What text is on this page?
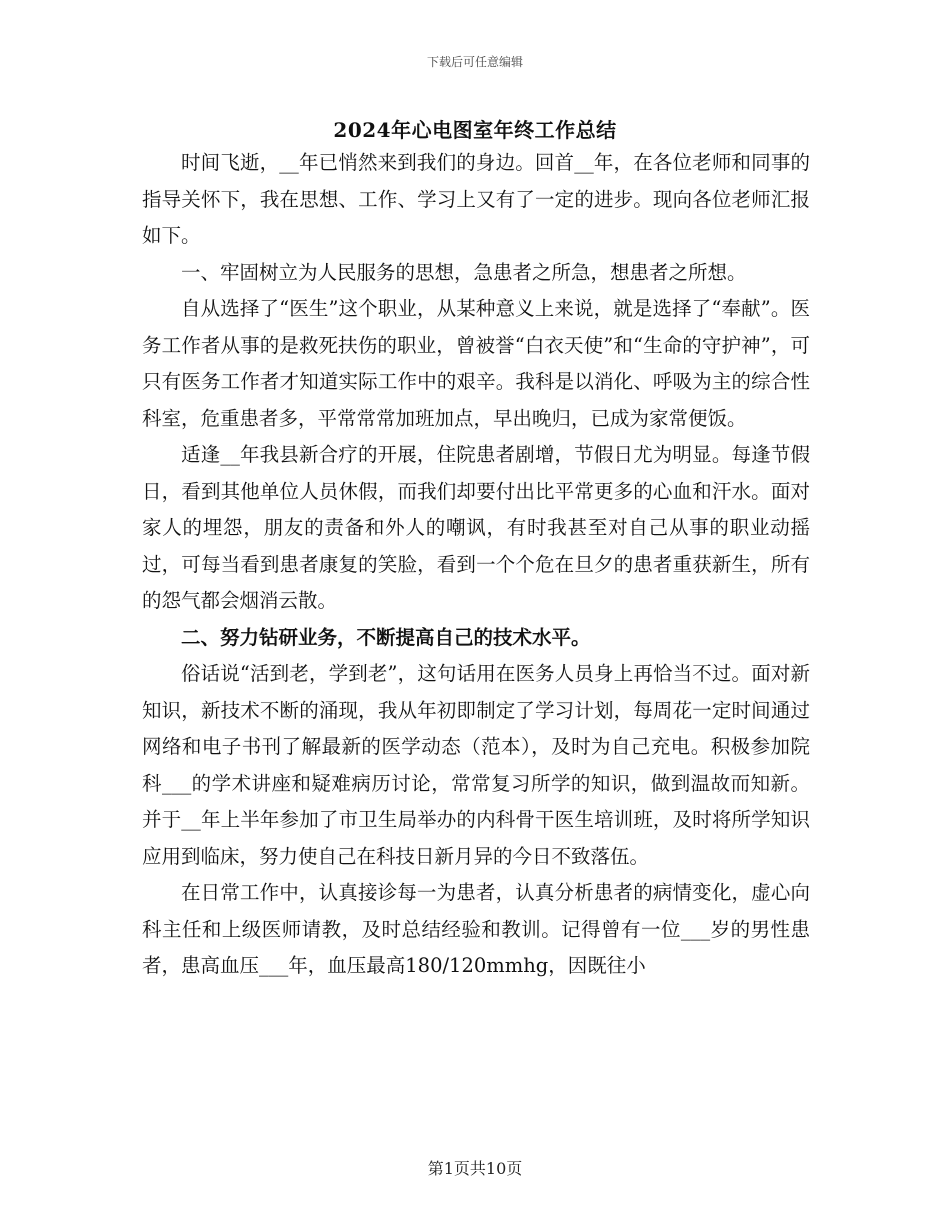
下载后可任意编辑
2024年心电图室年终工作总结

时间飞逝，__年已悄然来到我们的身边。回首__年，在各位老师和同事的指导关怀下，我在思想、工作、学习上又有了一定的进步。现向各位老师汇报如下。

一、牢固树立为人民服务的思想，急患者之所急，想患者之所想。

自从选择了“医生”这个职业，从某种意义上来说，就是选择了“奉献”。医务工作者从事的是救死扶伤的职业，曾被誉“白衣天使”和“生命的守护神”，可只有医务工作者才知道实际工作中的艰辛。我科是以消化、呼吸为主的综合性科室，危重患者多，平常常常加班加点，早出晚归，已成为家常便饭。

适逢__年我县新合疗的开展，住院患者剧增，节假日尤为明显。每逢节假日，看到其他单位人员休假，而我们却要付出比平常更多的心血和汗水。面对家人的埋怨，朋友的责备和外人的嘲讽，有时我甚至对自己从事的职业动摇过，可每当看到患者康复的笑脸，看到一个个危在旦夕的患者重获新生，所有的怨气都会烟消云散。

二、努力钻研业务，不断提高自己的技术水平。

俗话说“活到老，学到老”，这句话用在医务人员身上再恰当不过。面对新知识，新技术不断的涌现，我从年初即制定了学习计划，每周花一定时间通过网络和电子书刊了解最新的医学动态（范本），及时为自己充电。积极参加院科___的学术讲座和疑难病历讨论，常常复习所学的知识，做到温故而知新。并于__年上半年参加了市卫生局举办的内科骨干医生培训班，及时将所学知识应用到临床，努力使自己在科技日新月异的今日不致落伍。

在日常工作中，认真接诊每一为患者，认真分析患者的病情变化，虚心向科主任和上级医师请教，及时总结经验和教训。记得曾有一位___岁的男性患者，患高血压___年，血压最高180/120mmhg，因既往小

第1页共10页
